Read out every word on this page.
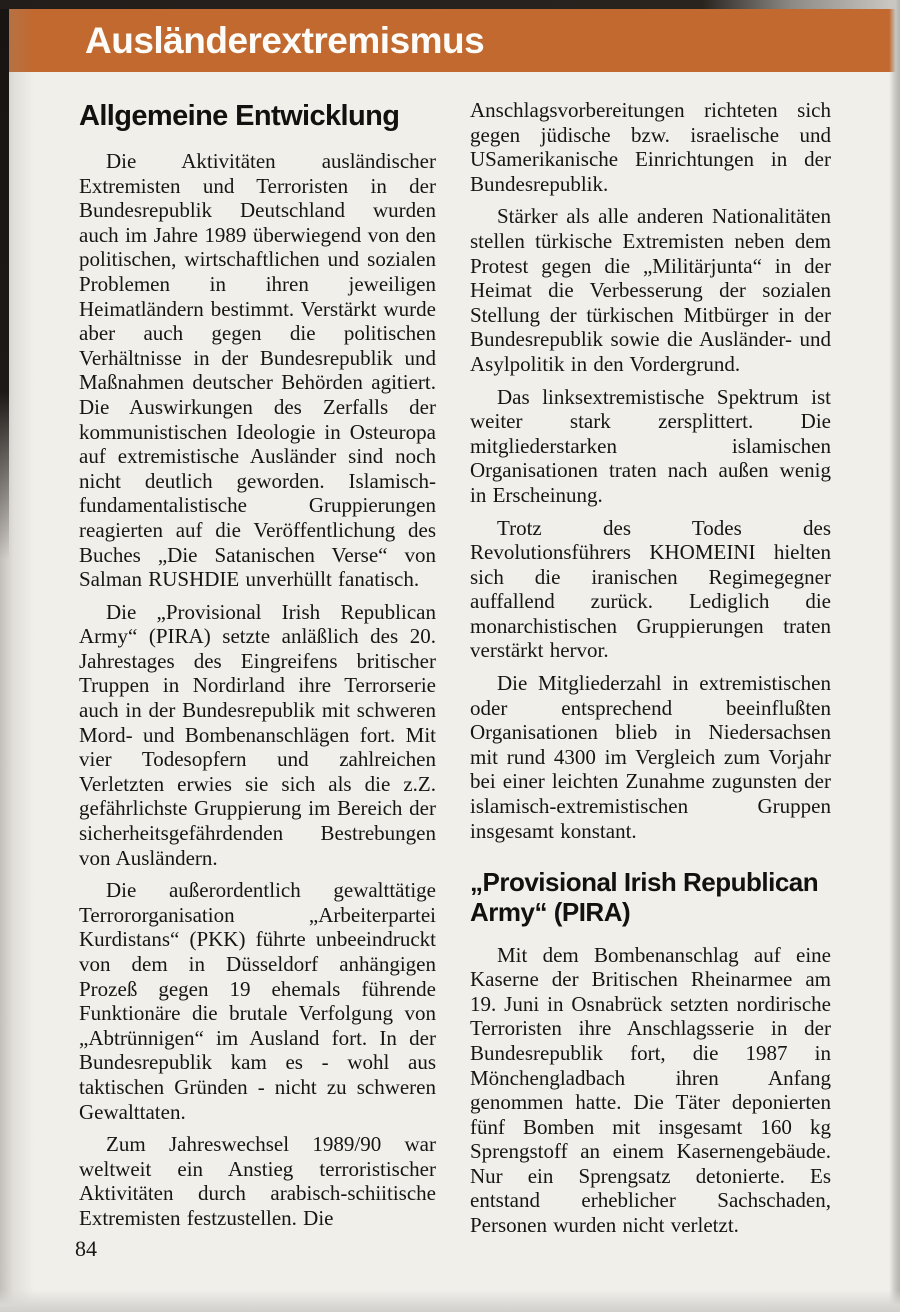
Ausländerextremismus
Allgemeine Entwicklung

Die Aktivitäten ausländischer Extremisten und Terroristen in der Bundesrepublik Deutschland wurden auch im Jahre 1989 überwiegend von den politischen, wirtschaftlichen und sozialen Problemen in ihren jeweiligen Heimatländern bestimmt. Verstärkt wurde aber auch gegen die politischen Verhältnisse in der Bundesrepublik und Maßnahmen deutscher Behörden agitiert. Die Auswirkungen des Zerfalls der kommunistischen Ideologie in Osteuropa auf extremistische Ausländer sind noch nicht deutlich geworden. Islamisch-fundamentalistische Gruppierungen reagierten auf die Veröffentlichung des Buches „Die Satanischen Verse“ von Salman RUSHDIE unverhüllt fanatisch.

Die „Provisional Irish Republican Army“ (PIRA) setzte anläßlich des 20. Jahrestages des Eingreifens britischer Truppen in Nordirland ihre Terrorserie auch in der Bundesrepublik mit schweren Mord- und Bombenanschlägen fort. Mit vier Todesopfern und zahlreichen Verletzten erwies sie sich als die z.Z. gefährlichste Gruppierung im Bereich der sicherheitsgefährdenden Bestrebungen von Ausländern.

Die außerordentlich gewalttätige Terrororganisation „Arbeiterpartei Kurdistans“ (PKK) führte unbeeindruckt von dem in Düsseldorf anhängigen Prozeß gegen 19 ehemals führende Funktionäre die brutale Verfolgung von „Abtrünnigen“ im Ausland fort. In der Bundesrepublik kam es - wohl aus taktischen Gründen - nicht zu schweren Gewalttaten.

Zum Jahreswechsel 1989/90 war weltweit ein Anstieg terroristischer Aktivitäten durch arabisch-schiitische Extremisten festzustellen. Die

Anschlagsvorbereitungen richteten sich gegen jüdische bzw. israelische und USamerikanische Einrichtungen in der Bundesrepublik.

Stärker als alle anderen Nationalitäten stellen türkische Extremisten neben dem Protest gegen die „Militärjunta“ in der Heimat die Verbesserung der sozialen Stellung der türkischen Mitbürger in der Bundesrepublik sowie die Ausländer- und Asylpolitik in den Vordergrund.

Das linksextremistische Spektrum ist weiter stark zersplittert. Die mitgliederstarken islamischen Organisationen traten nach außen wenig in Erscheinung.

Trotz des Todes des Revolutionsführers KHOMEINI hielten sich die iranischen Regimegegner auffallend zurück. Lediglich die monarchistischen Gruppierungen traten verstärkt hervor.

Die Mitgliederzahl in extremistischen oder entsprechend beeinflußten Organisationen blieb in Niedersachsen mit rund 4300 im Vergleich zum Vorjahr bei einer leichten Zunahme zugunsten der islamisch-extremistischen Gruppen insgesamt konstant.

„Provisional Irish Republican Army“ (PIRA)

Mit dem Bombenanschlag auf eine Kaserne der Britischen Rheinarmee am 19. Juni in Osnabrück setzten nordirische Terroristen ihre Anschlagsserie in der Bundesrepublik fort, die 1987 in Mönchengladbach ihren Anfang genommen hatte. Die Täter deponierten fünf Bomben mit insgesamt 160 kg Sprengstoff an einem Kasernengebäude. Nur ein Sprengsatz detonierte. Es entstand erheblicher Sachschaden, Personen wurden nicht verletzt.

84
